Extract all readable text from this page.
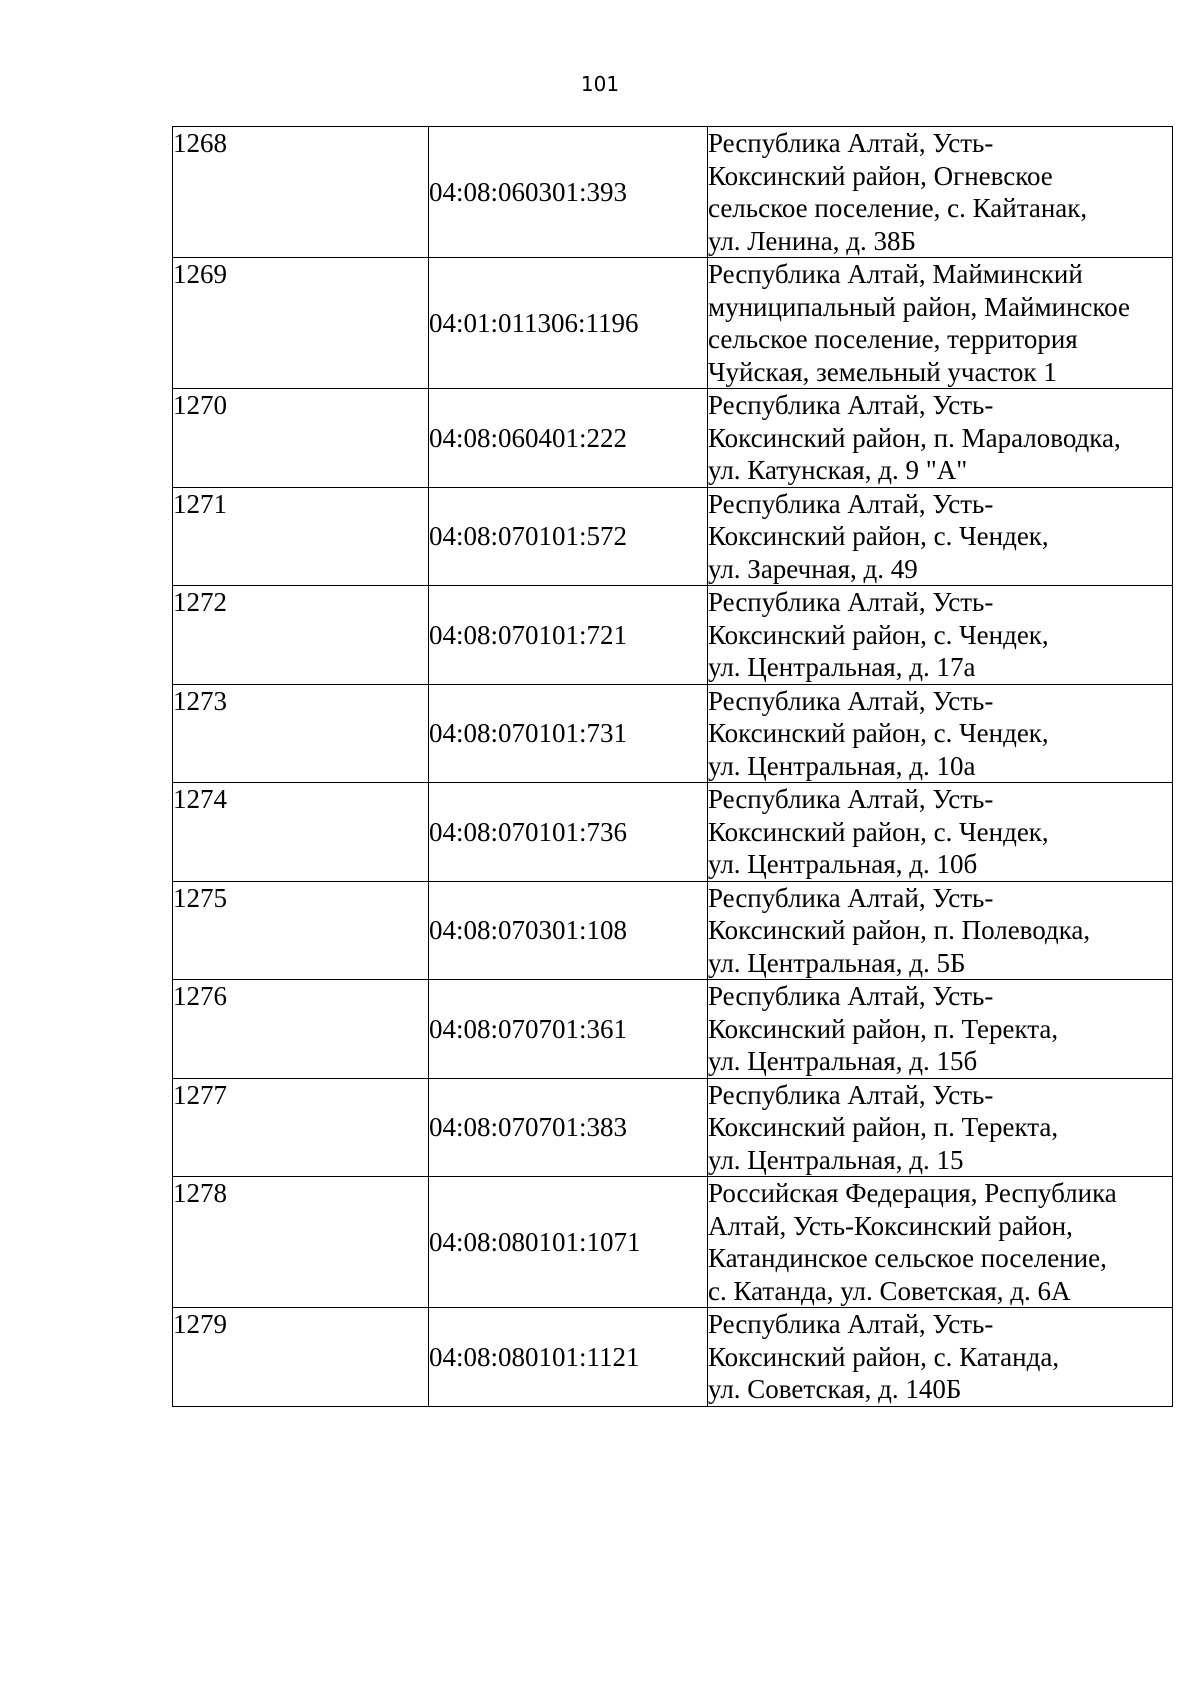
101
1268	04:08:060301:393	Республика Алтай, Усть-
Коксинский район, Огневское
сельское поселение, с. Кайтанак,
ул. Ленина, д. 38Б

1269	04:01:011306:1196	Республика Алтай, Майминский
муниципальный район, Майминское
сельское поселение, территория
Чуйская, земельный участок 1

1270	04:08:060401:222	Республика Алтай, Усть-
Коксинский район, п. Мараловодка,
ул. Катунская, д. 9 "А"

1271	04:08:070101:572	Республика Алтай, Усть-
Коксинский район, с. Чендек,
ул. Заречная, д. 49

1272	04:08:070101:721	Республика Алтай, Усть-
Коксинский район, с. Чендек,
ул. Центральная, д. 17а

1273	04:08:070101:731	Республика Алтай, Усть-
Коксинский район, с. Чендек,
ул. Центральная, д. 10а

1274	04:08:070101:736	Республика Алтай, Усть-
Коксинский район, с. Чендек,
ул. Центральная, д. 10б

1275	04:08:070301:108	Республика Алтай, Усть-
Коксинский район, п. Полеводка,
ул. Центральная, д. 5Б

1276	04:08:070701:361	Республика Алтай, Усть-
Коксинский район, п. Теректа,
ул. Центральная, д. 15б

1277	04:08:070701:383	Республика Алтай, Усть-
Коксинский район, п. Теректа,
ул. Центральная, д. 15

1278	04:08:080101:1071	Российская Федерация, Республика
Алтай, Усть-Коксинский район,
Катандинское сельское поселение,
с. Катанда, ул. Советская, д. 6А

1279	04:08:080101:1121	Республика Алтай, Усть-
Коксинский район, с. Катанда,
ул. Советская, д. 140Б
